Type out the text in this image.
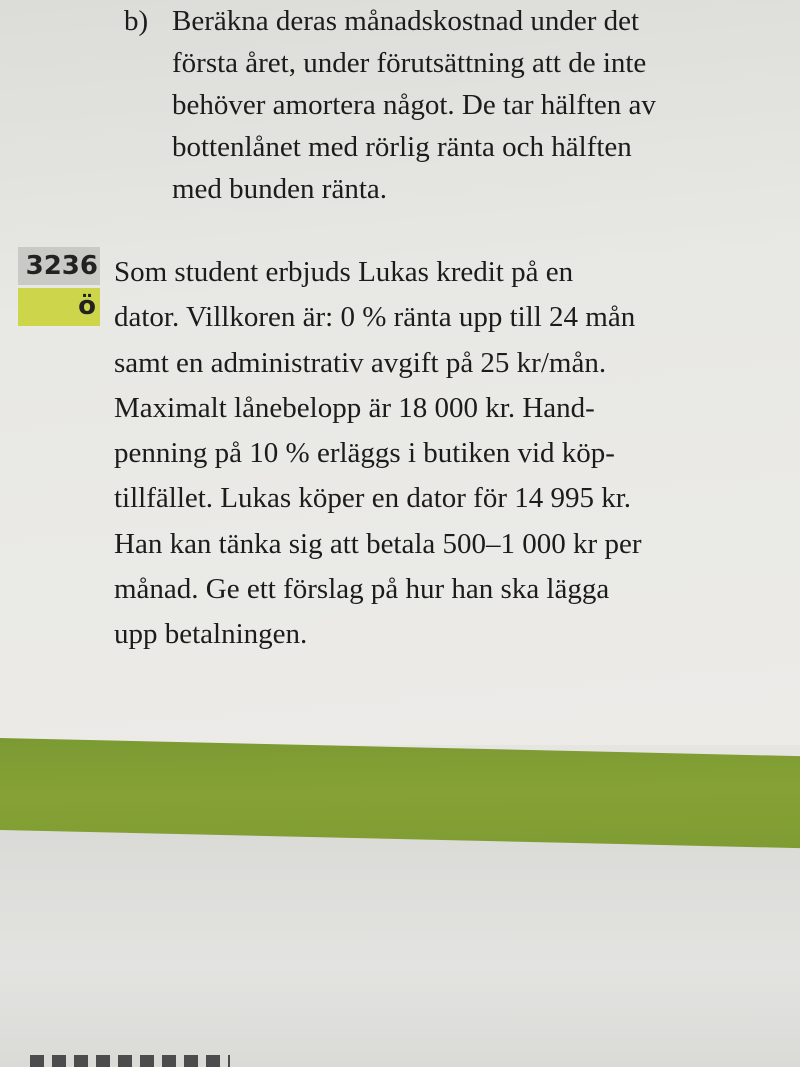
b) Beräkna deras månadskostnad under det
första året, under förutsättning att de inte
behöver amortera något. De tar hälften av
bottenlånet med rörlig ränta och hälften
med bunden ränta.
3236
ö
Som student erbjuds Lukas kredit på en
dator. Villkoren är: 0 % ränta upp till 24 mån
samt en administrativ avgift på 25 kr/mån.
Maximalt lånebelopp är 18 000 kr. Hand-
penning på 10 % erläggs i butiken vid köp-
tillfället. Lukas köper en dator för 14 995 kr.
Han kan tänka sig att betala 500–1 000 kr per
månad. Ge ett förslag på hur han ska lägga
upp betalningen.
